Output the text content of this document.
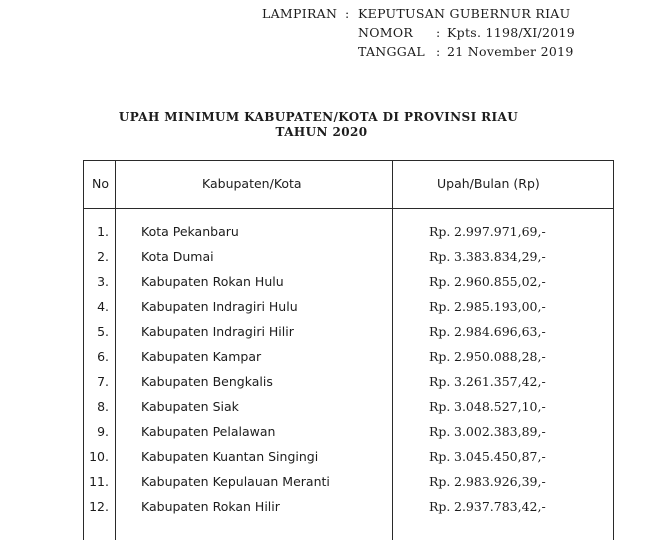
LAMPIRAN : KEPUTUSAN GUBERNUR RIAU
NOMOR : Kpts. 1198/XI/2019
TANGGAL : 21 November 2019
UPAH MINIMUM KABUPATEN/KOTA DI PROVINSI RIAU
TAHUN 2020
No	Kabupaten/Kota	Upah/Bulan (Rp)
1.	Kota Pekanbaru	Rp. 2.997.971,69,-
2.	Kota Dumai	Rp. 3.383.834,29,-
3.	Kabupaten Rokan Hulu	Rp. 2.960.855,02,-
4.	Kabupaten Indragiri Hulu	Rp. 2.985.193,00,-
5.	Kabupaten Indragiri Hilir	Rp. 2.984.696,63,-
6.	Kabupaten Kampar	Rp. 2.950.088,28,-
7.	Kabupaten Bengkalis	Rp. 3.261.357,42,-
8.	Kabupaten Siak	Rp. 3.048.527,10,-
9.	Kabupaten Pelalawan	Rp. 3.002.383,89,-
10.	Kabupaten Kuantan Singingi	Rp. 3.045.450,87,-
11.	Kabupaten Kepulauan Meranti	Rp. 2.983.926,39,-
12.	Kabupaten Rokan Hilir	Rp. 2.937.783,42,-
